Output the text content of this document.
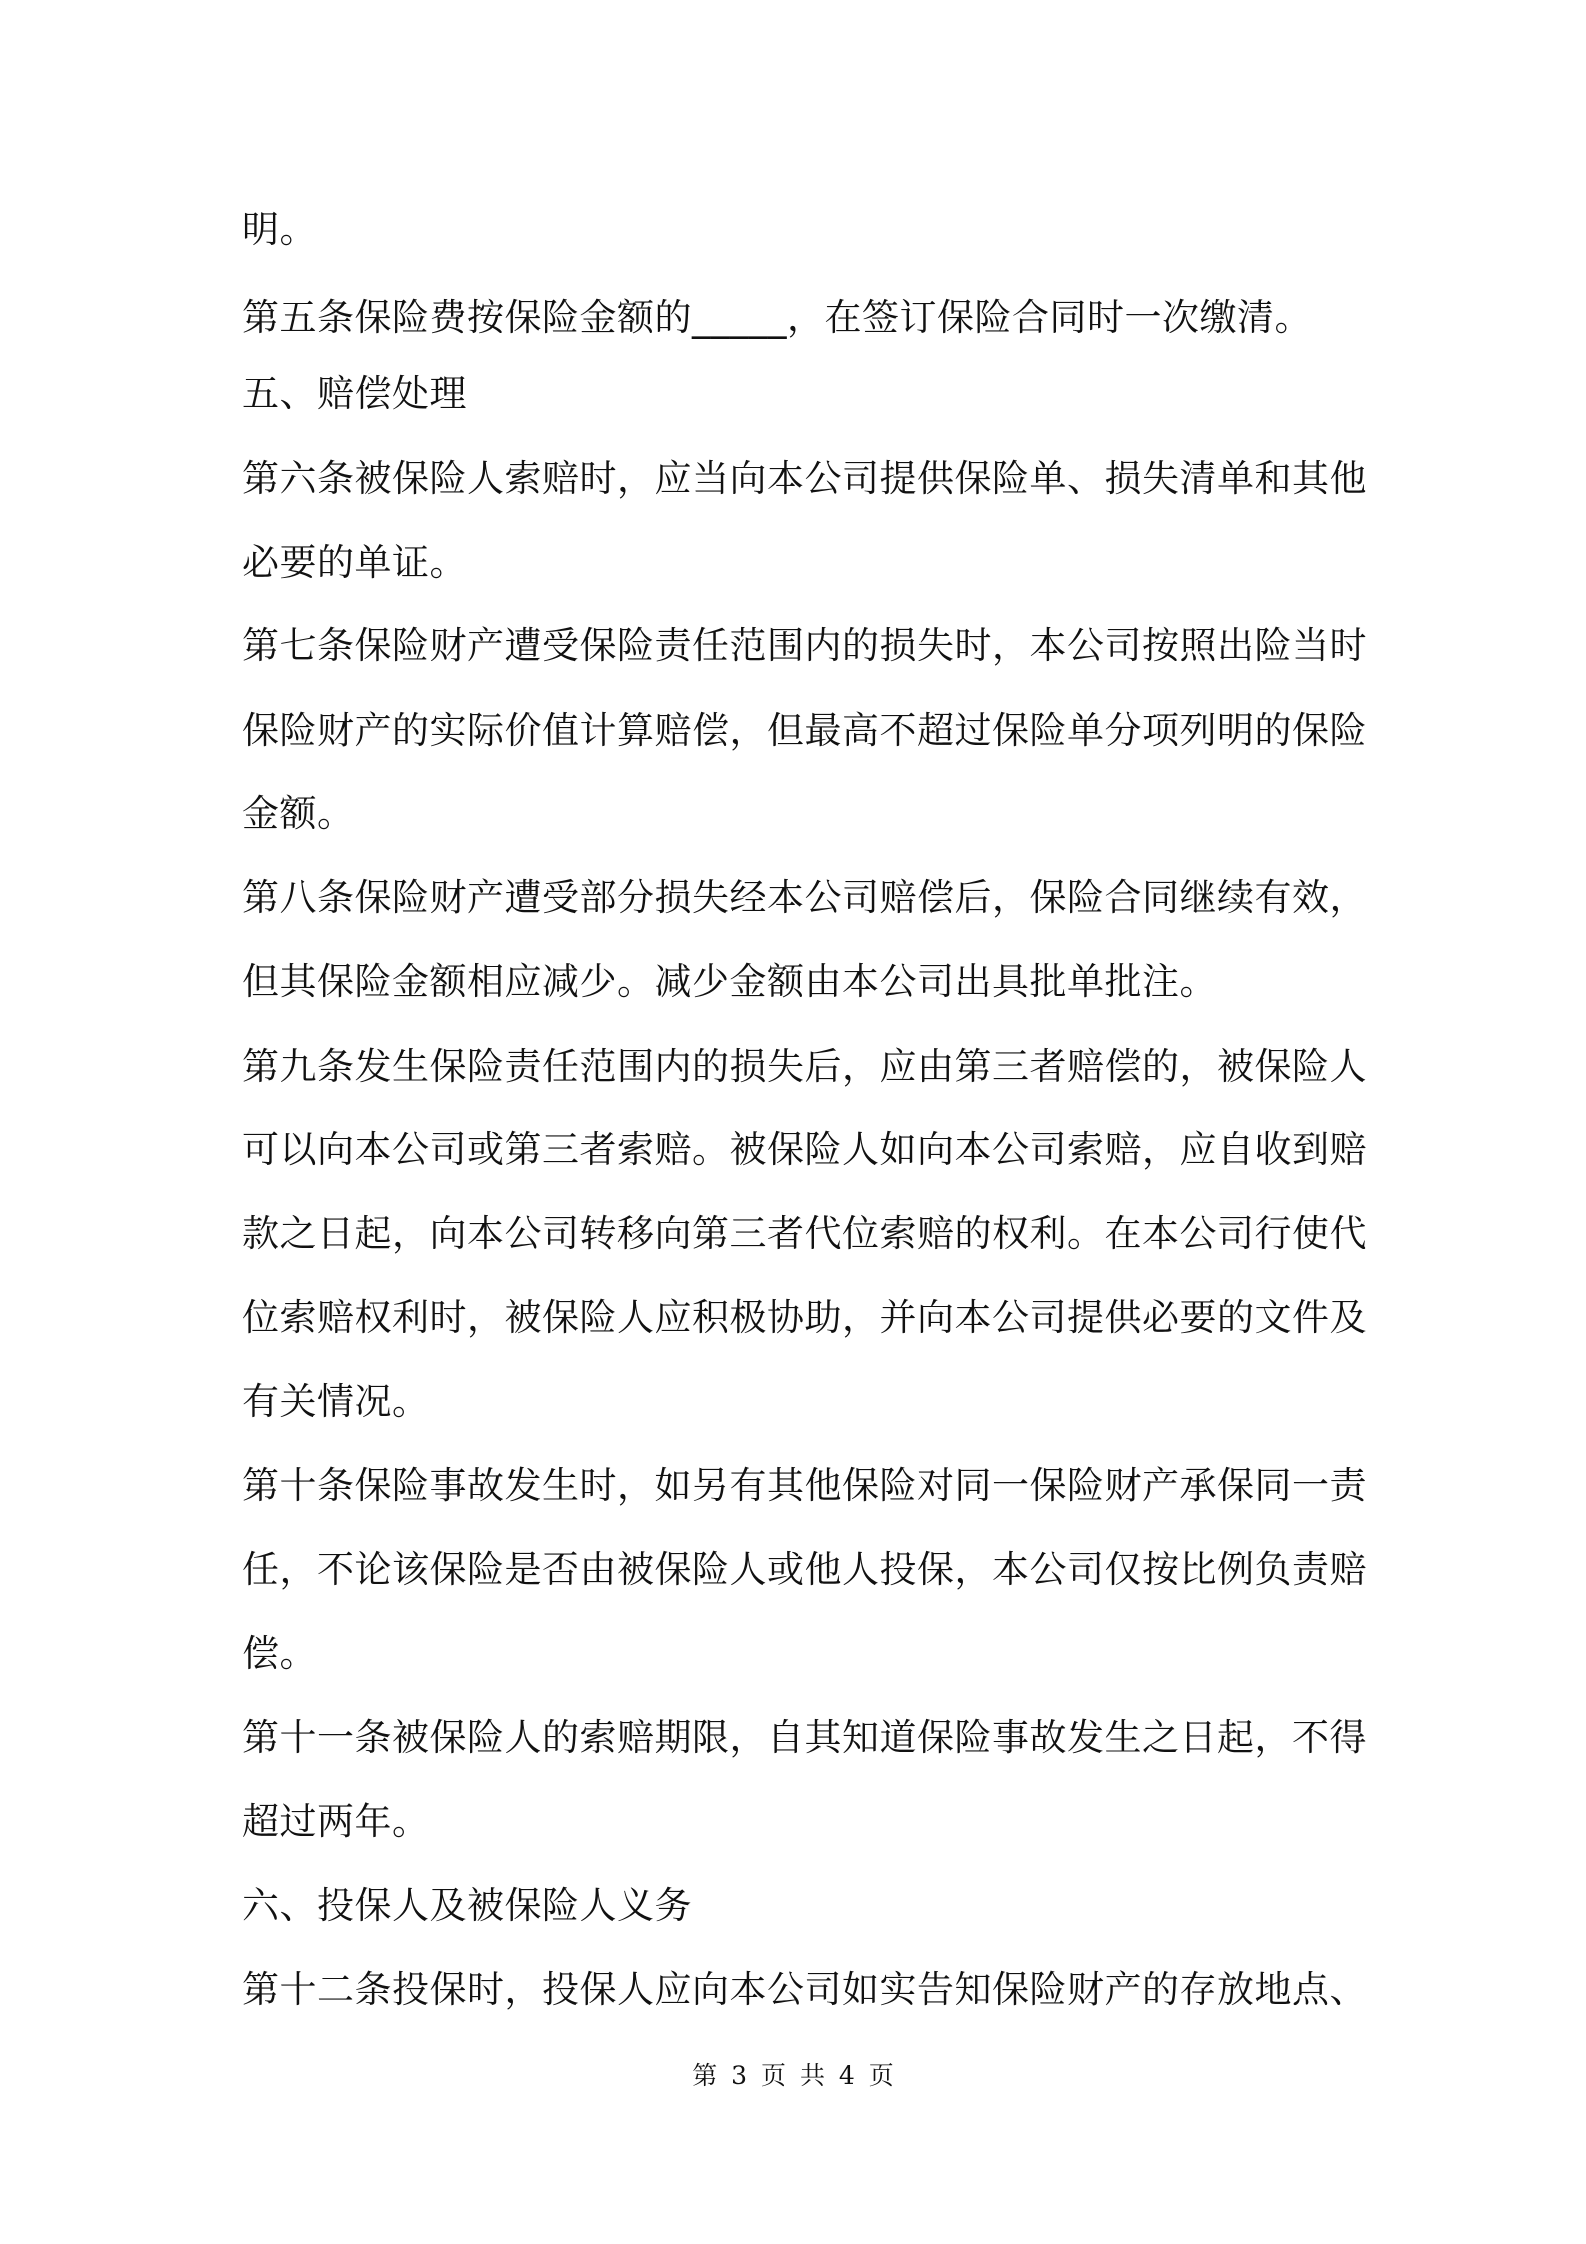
明。

第五条保险费按保险金额的_____，在签订保险合同时一次缴清。

五、赔偿处理

第六条被保险人索赔时，应当向本公司提供保险单、损失清单和其他

必要的单证。

第七条保险财产遭受保险责任范围内的损失时，本公司按照出险当时

保险财产的实际价值计算赔偿，但最高不超过保险单分项列明的保险

金额。

第八条保险财产遭受部分损失经本公司赔偿后，保险合同继续有效，

但其保险金额相应减少。减少金额由本公司出具批单批注。

第九条发生保险责任范围内的损失后，应由第三者赔偿的，被保险人

可以向本公司或第三者索赔。被保险人如向本公司索赔，应自收到赔

款之日起，向本公司转移向第三者代位索赔的权利。在本公司行使代

位索赔权利时，被保险人应积极协助，并向本公司提供必要的文件及

有关情况。

第十条保险事故发生时，如另有其他保险对同一保险财产承保同一责

任，不论该保险是否由被保险人或他人投保，本公司仅按比例负责赔

偿。

第十一条被保险人的索赔期限，自其知道保险事故发生之日起，不得

超过两年。

六、投保人及被保险人义务

第十二条投保时，投保人应向本公司如实告知保险财产的存放地点、

第 3 页 共 4 页
